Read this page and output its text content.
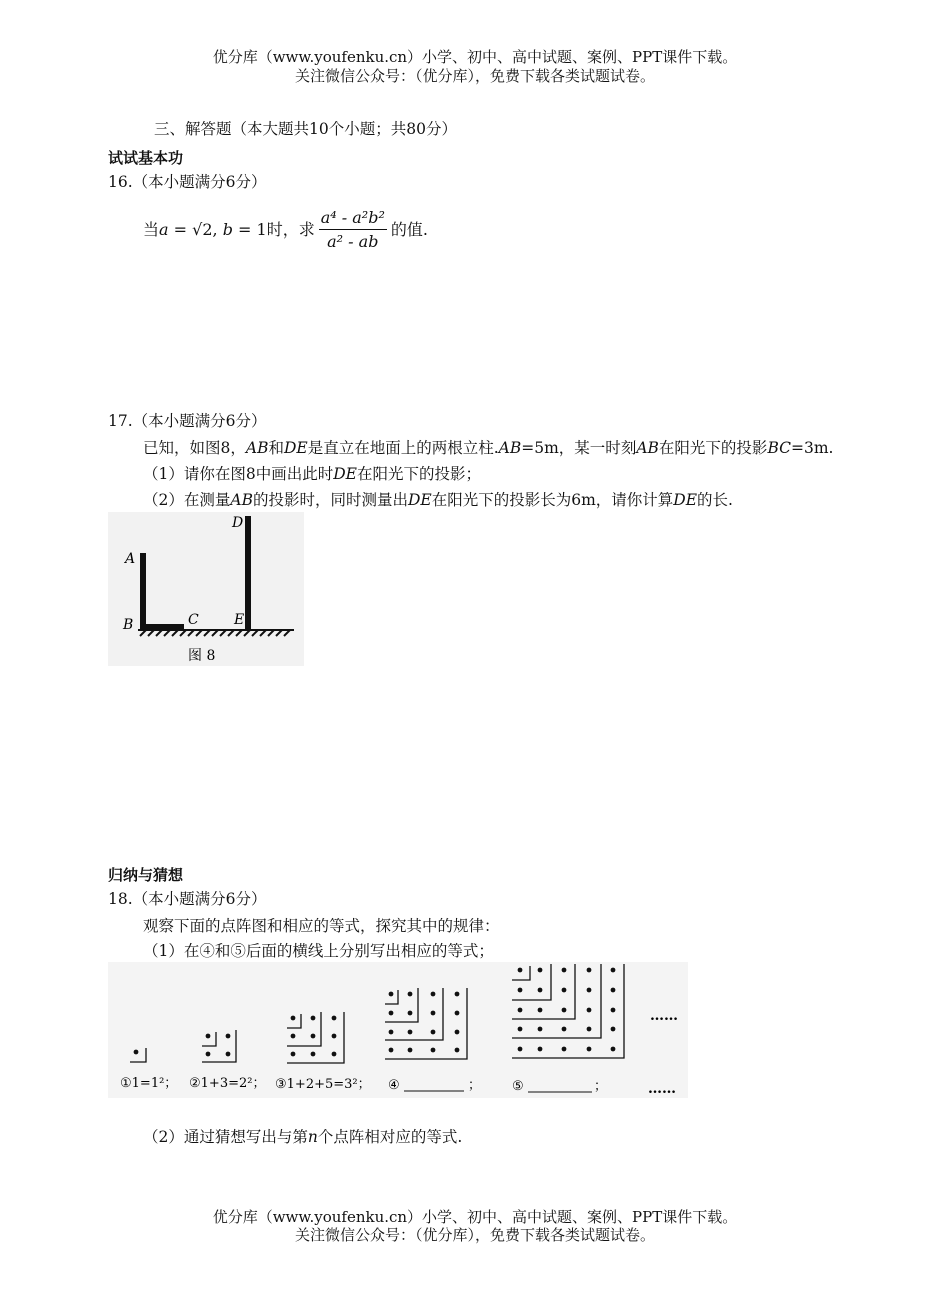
优分库（www.youfenku.cn）小学、初中、高中试题、案例、PPT课件下载。
关注微信公众号：（优分库），免费下载各类试题试卷。
三、解答题（本大题共10个小题；共80分）
试试基本功
16.（本小题满分6分）
当a = √2, b = 1时，求 $\frac{\text{a⁴ - a²b²}}{\text{a² - ab}}$ 的值.
17.（本小题满分6分）
已知，如图8，AB和DE是直立在地面上的两根立柱.AB=5m，某一时刻AB在阳光下的投影BC=3m.
（1）请你在图8中画出此时DE在阳光下的投影；
（2）在测量AB的投影时，同时测量出DE在阳光下的投影长为6m，请你计算DE的长.
A
B	C
D
E
图 8
归纳与猜想
18.（本小题满分6分）
观察下面的点阵图和相应的等式，探究其中的规律：
（1）在④和⑤后面的横线上分别写出相应的等式；
……
①1=1²； ②1+3=2²； ③1+2+5=3²； ④	； ⑤	；	……
（2）通过猜想写出与第n个点阵相对应的等式.
优分库（www.youfenku.cn）小学、初中、高中试题、案例、PPT课件下载。
关注微信公众号：（优分库），免费下载各类试题试卷。
